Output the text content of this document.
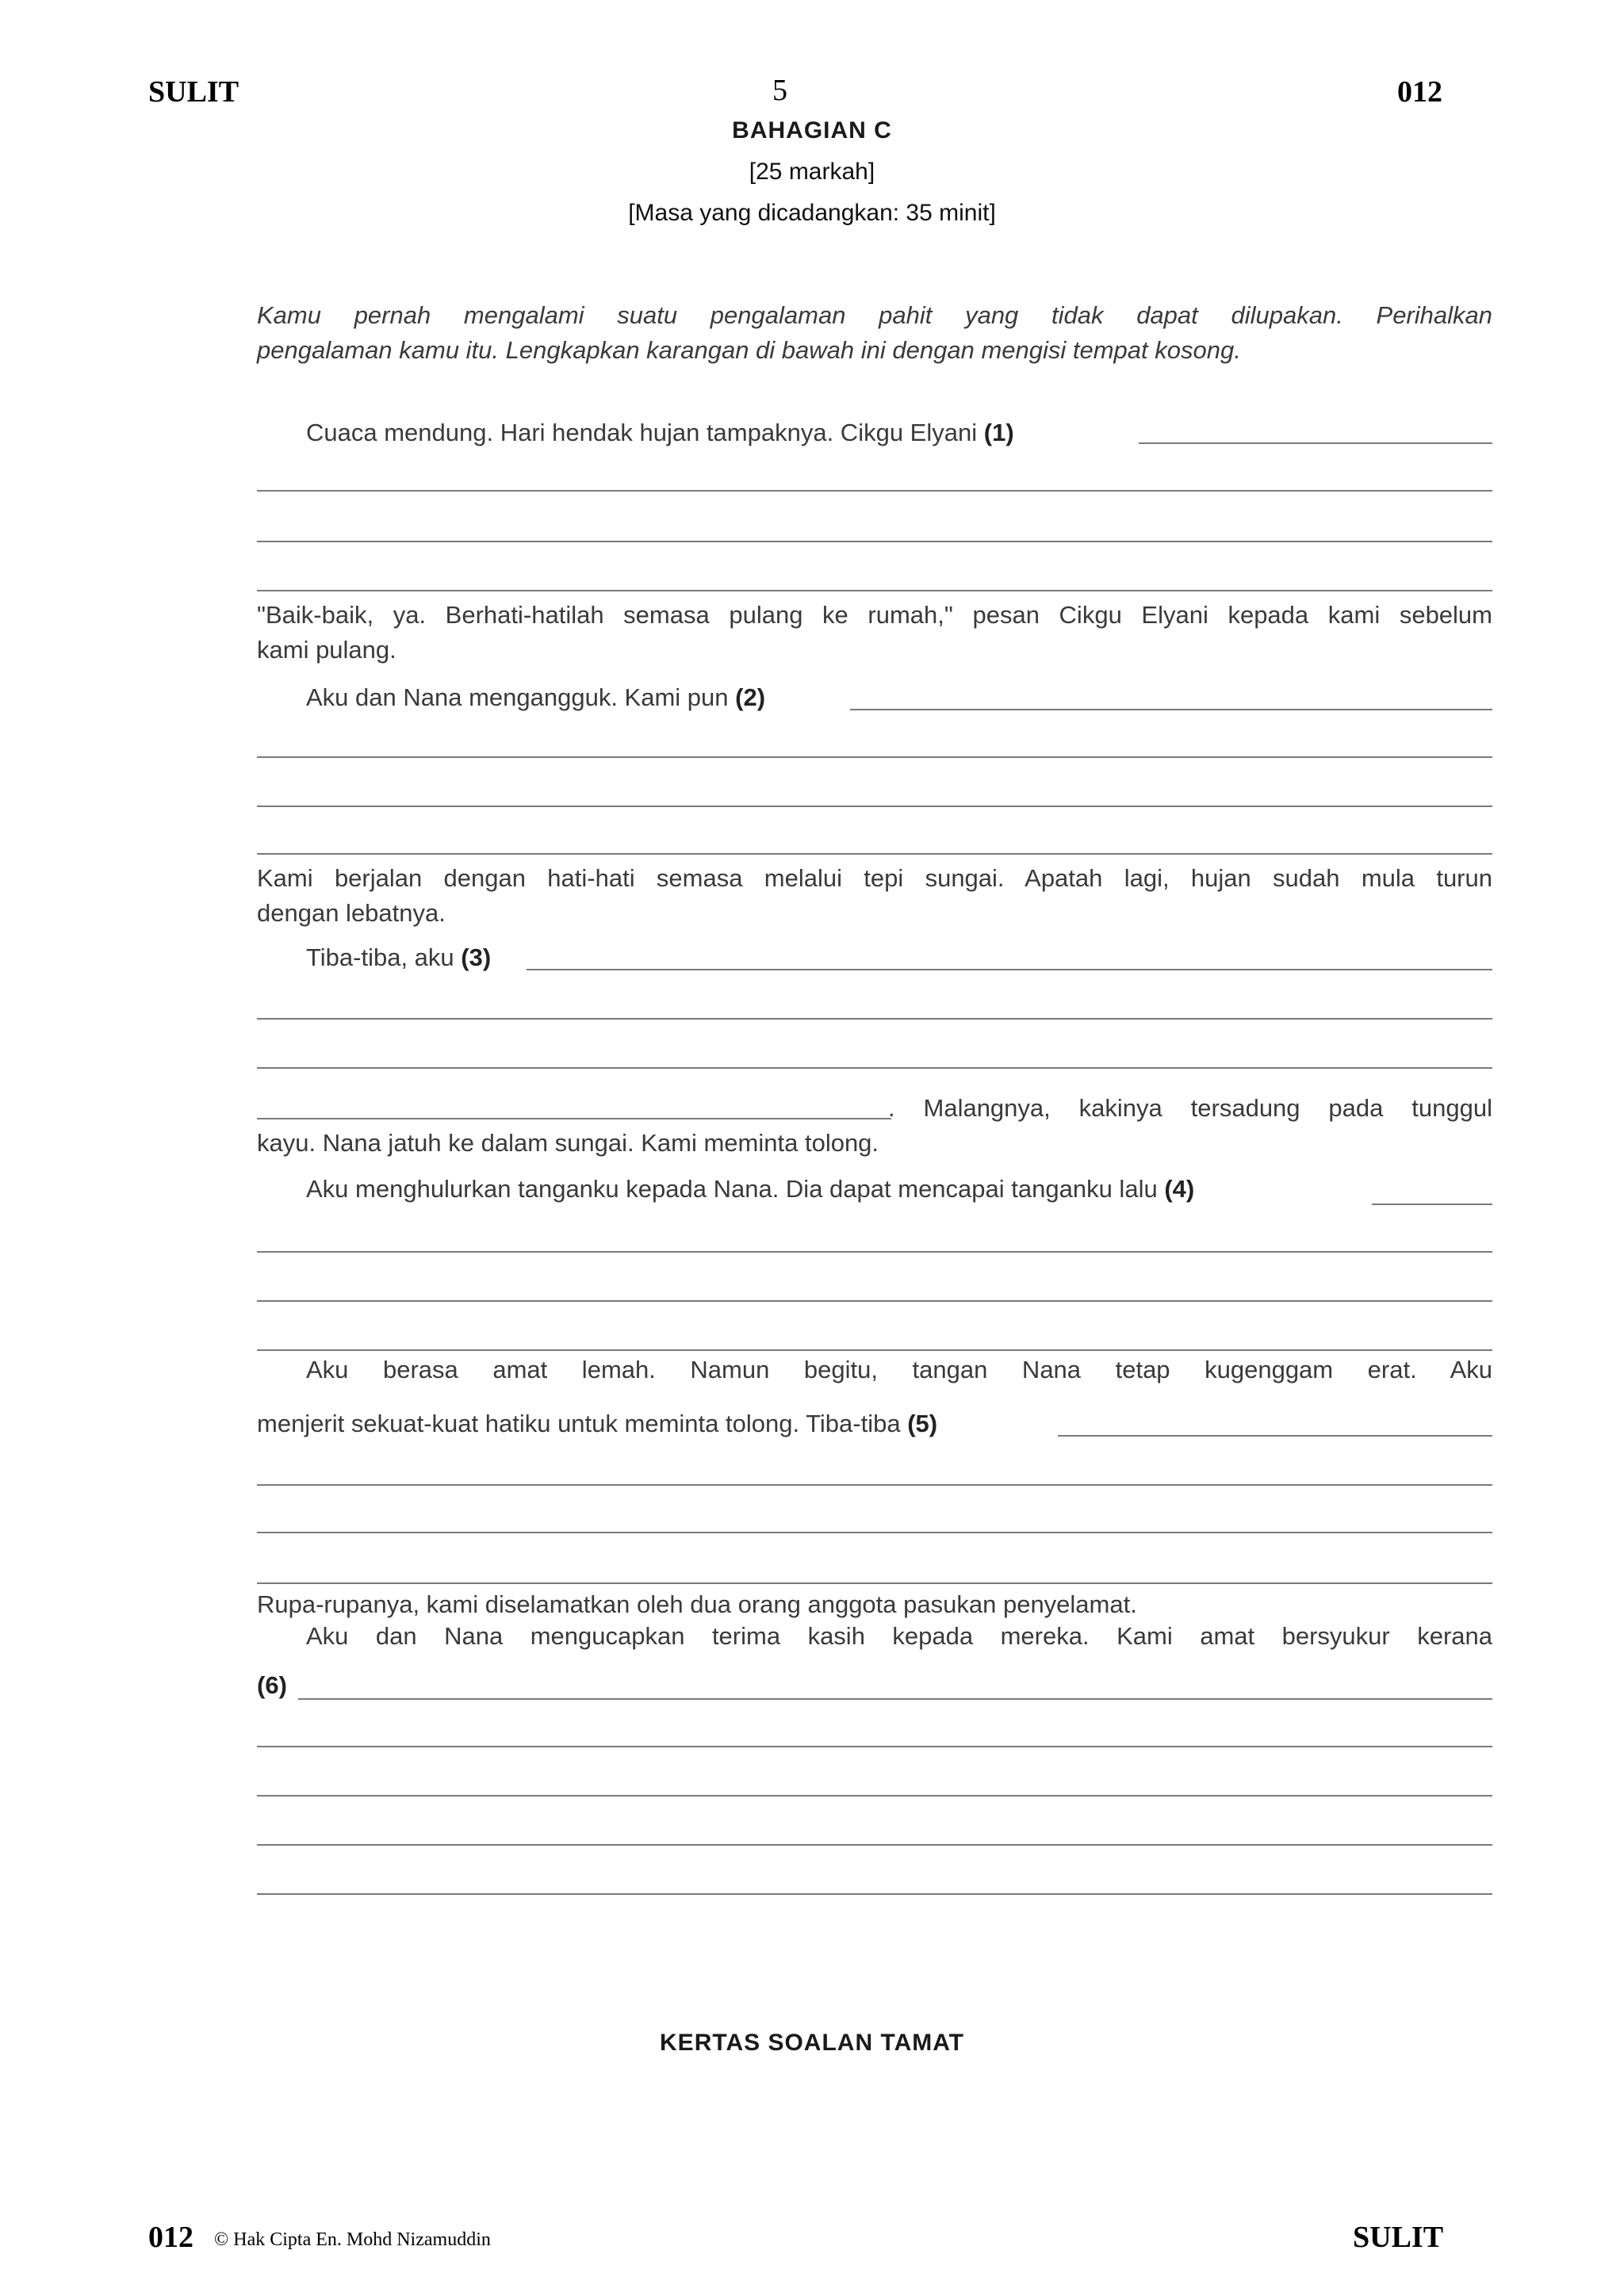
SULIT	5	012
BAHAGIAN C
[25 markah]
[Masa yang dicadangkan: 35 minit]
Kamu pernah mengalami suatu pengalaman pahit yang tidak dapat dilupakan. Perihalkan
pengalaman kamu itu. Lengkapkan karangan di bawah ini dengan mengisi tempat kosong.
Cuaca mendung. Hari hendak hujan tampaknya. Cikgu Elyani (1)
"Baik-baik, ya. Berhati-hatilah semasa pulang ke rumah," pesan Cikgu Elyani kepada kami sebelum
kami pulang.
Aku dan Nana mengangguk. Kami pun (2)
Kami berjalan dengan hati-hati semasa melalui tepi sungai. Apatah lagi, hujan sudah mula turun
dengan lebatnya.
Tiba-tiba, aku (3)
. Malangnya, kakinya tersadung pada tunggul
kayu. Nana jatuh ke dalam sungai. Kami meminta tolong.
Aku menghulurkan tanganku kepada Nana. Dia dapat mencapai tanganku lalu (4)
Aku berasa amat lemah. Namun begitu, tangan Nana tetap kugenggam erat. Aku
menjerit sekuat-kuat hatiku untuk meminta tolong. Tiba-tiba (5)
Rupa-rupanya, kami diselamatkan oleh dua orang anggota pasukan penyelamat.
Aku dan Nana mengucapkan terima kasih kepada mereka. Kami amat bersyukur kerana
(6)
KERTAS SOALAN TAMAT
012 © Hak Cipta En. Mohd Nizamuddin	SULIT
